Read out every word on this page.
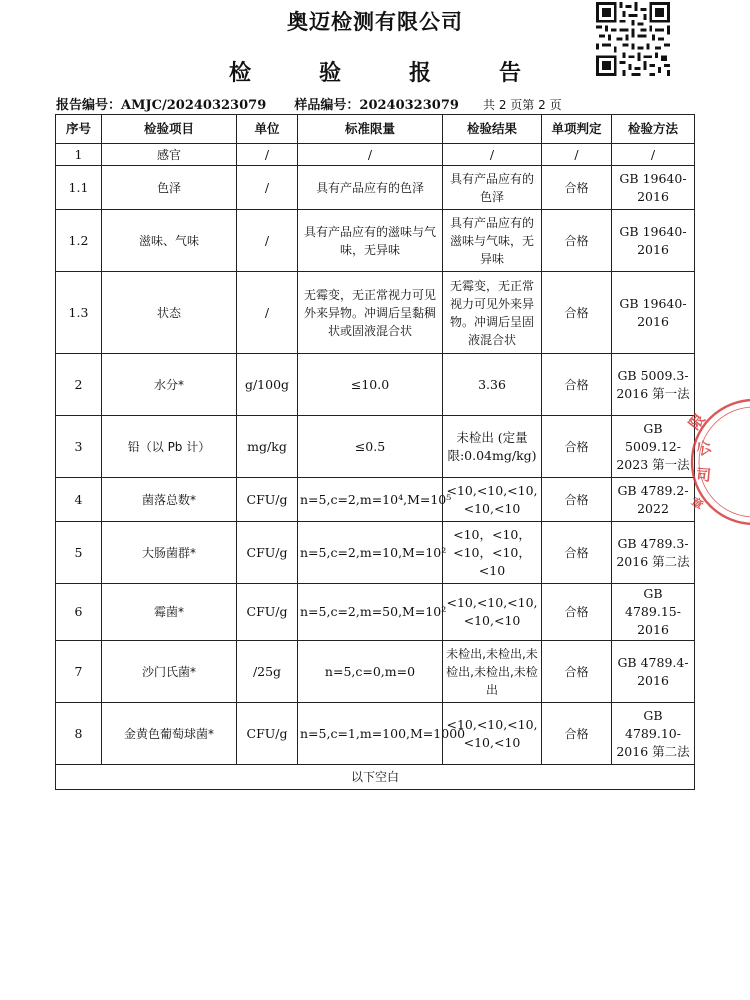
奥迈检测有限公司
检	验	报	告
报告编号：AMJC/20240323079 样品编号：20240323079 共 2 页第 2 页
序号	检验项目	单位	标准限量	检验结果	单项判定	检验方法
1	感官	/	/	/	/	/
1.1	色泽	/	具有产品应有的色泽	具有产品应有的色泽	合格	GB 19640-2016
1.2	滋味、气味	/	具有产品应有的滋味与气味，无异味	具有产品应有的滋味与气味，无异味	合格	GB 19640-2016
1.3	状态	/	无霉变，无正常视力可见外来异物。冲调后呈黏稠状或固液混合状	无霉变，无正常视力可见外来异物。冲调后呈固液混合状	合格	GB 19640-2016
2	水分*	g/100g	≤10.0	3.36	合格	GB 5009.3-2016 第一法
3	铅（以 Pb 计）	mg/kg	≤0.5	未检出 (定量限:0.04mg/kg)	合格	GB 5009.12-2023 第一法
4	菌落总数*	CFU/g	n=5,c=2,m=10⁴,M=10⁵	<10,<10,<10,<10,<10	合格	GB 4789.2-2022
5	大肠菌群*	CFU/g	n=5,c=2,m=10,M=10²	<10，<10，<10，<10，<10	合格	GB 4789.3-2016 第二法
6	霉菌*	CFU/g	n=5,c=2,m=50,M=10²	<10,<10,<10,<10,<10	合格	GB 4789.15-2016
7	沙门氏菌*	/25g	n=5,c=0,m=0	未检出,未检出,未检出,未检出,未检出	合格	GB 4789.4-2016
8	金黄色葡萄球菌*	CFU/g	n=5,c=1,m=100,M=1000	<10,<10,<10,<10,<10	合格	GB 4789.10-2016 第二法
以下空白						
限
公
司
章
